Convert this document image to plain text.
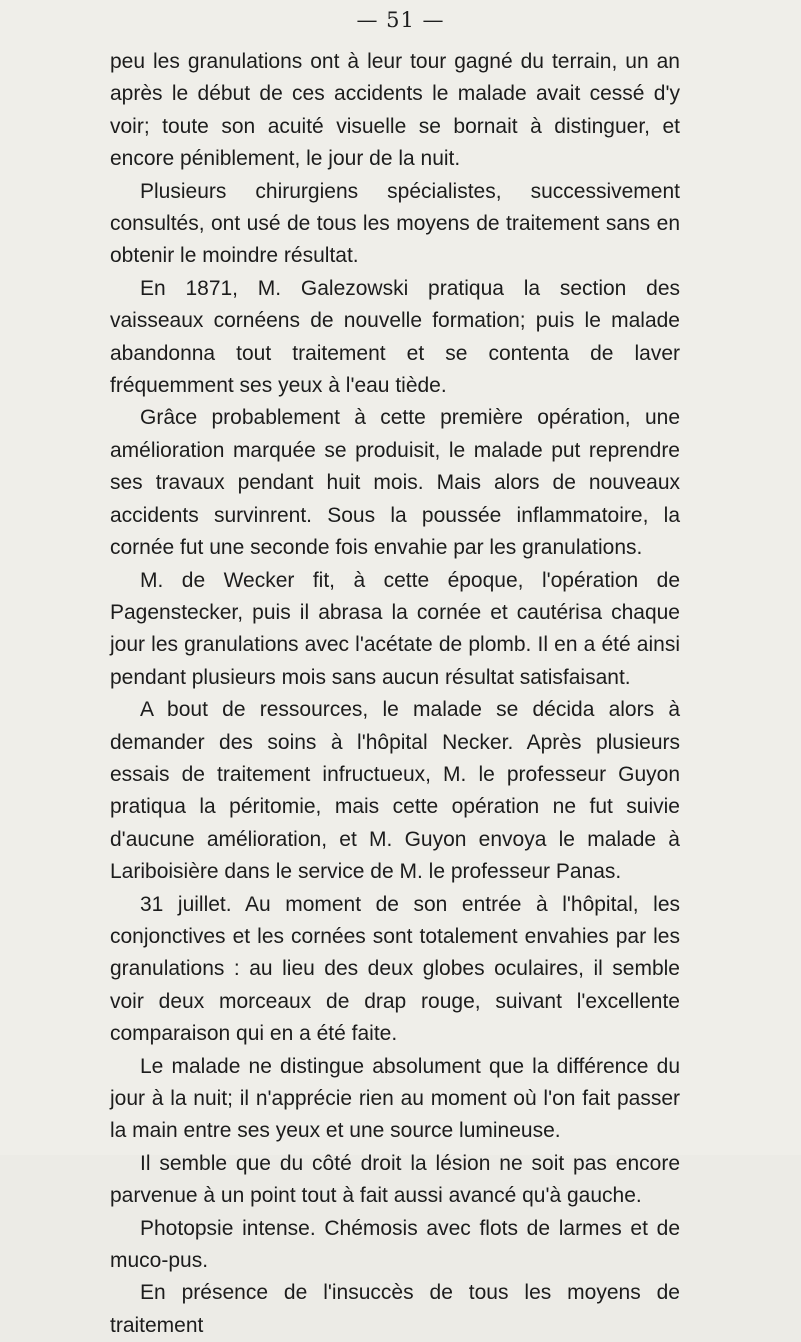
— 51 —

peu les granulations ont à leur tour gagné du terrain, un an après le début de ces accidents le malade avait cessé d'y voir; toute son acuité visuelle se bornait à distinguer, et encore péniblement, le jour de la nuit.

Plusieurs chirurgiens spécialistes, successivement consultés, ont usé de tous les moyens de traitement sans en obtenir le moindre résultat.

En 1871, M. Galezowski pratiqua la section des vaisseaux cornéens de nouvelle formation; puis le malade abandonna tout traitement et se contenta de laver fréquemment ses yeux à l'eau tiède.

Grâce probablement à cette première opération, une amélioration marquée se produisit, le malade put reprendre ses travaux pendant huit mois. Mais alors de nouveaux accidents survinrent. Sous la poussée inflammatoire, la cornée fut une seconde fois envahie par les granulations.

M. de Wecker fit, à cette époque, l'opération de Pagenstecker, puis il abrasa la cornée et cautérisa chaque jour les granulations avec l'acétate de plomb. Il en a été ainsi pendant plusieurs mois sans aucun résultat satisfaisant.

A bout de ressources, le malade se décida alors à demander des soins à l'hôpital Necker. Après plusieurs essais de traitement infructueux, M. le professeur Guyon pratiqua la péritomie, mais cette opération ne fut suivie d'aucune amélioration, et M. Guyon envoya le malade à Lariboisière dans le service de M. le professeur Panas.

31 juillet. Au moment de son entrée à l'hôpital, les conjonctives et les cornées sont totalement envahies par les granulations : au lieu des deux globes oculaires, il semble voir deux morceaux de drap rouge, suivant l'excellente comparaison qui en a été faite.

Le malade ne distingue absolument que la différence du jour à la nuit; il n'apprécie rien au moment où l'on fait passer la main entre ses yeux et une source lumineuse.

Il semble que du côté droit la lésion ne soit pas encore parvenue à un point tout à fait aussi avancé qu'à gauche.

Photopsie intense. Chémosis avec flots de larmes et de muco-pus.

En présence de l'insuccès de tous les moyens de traitement
